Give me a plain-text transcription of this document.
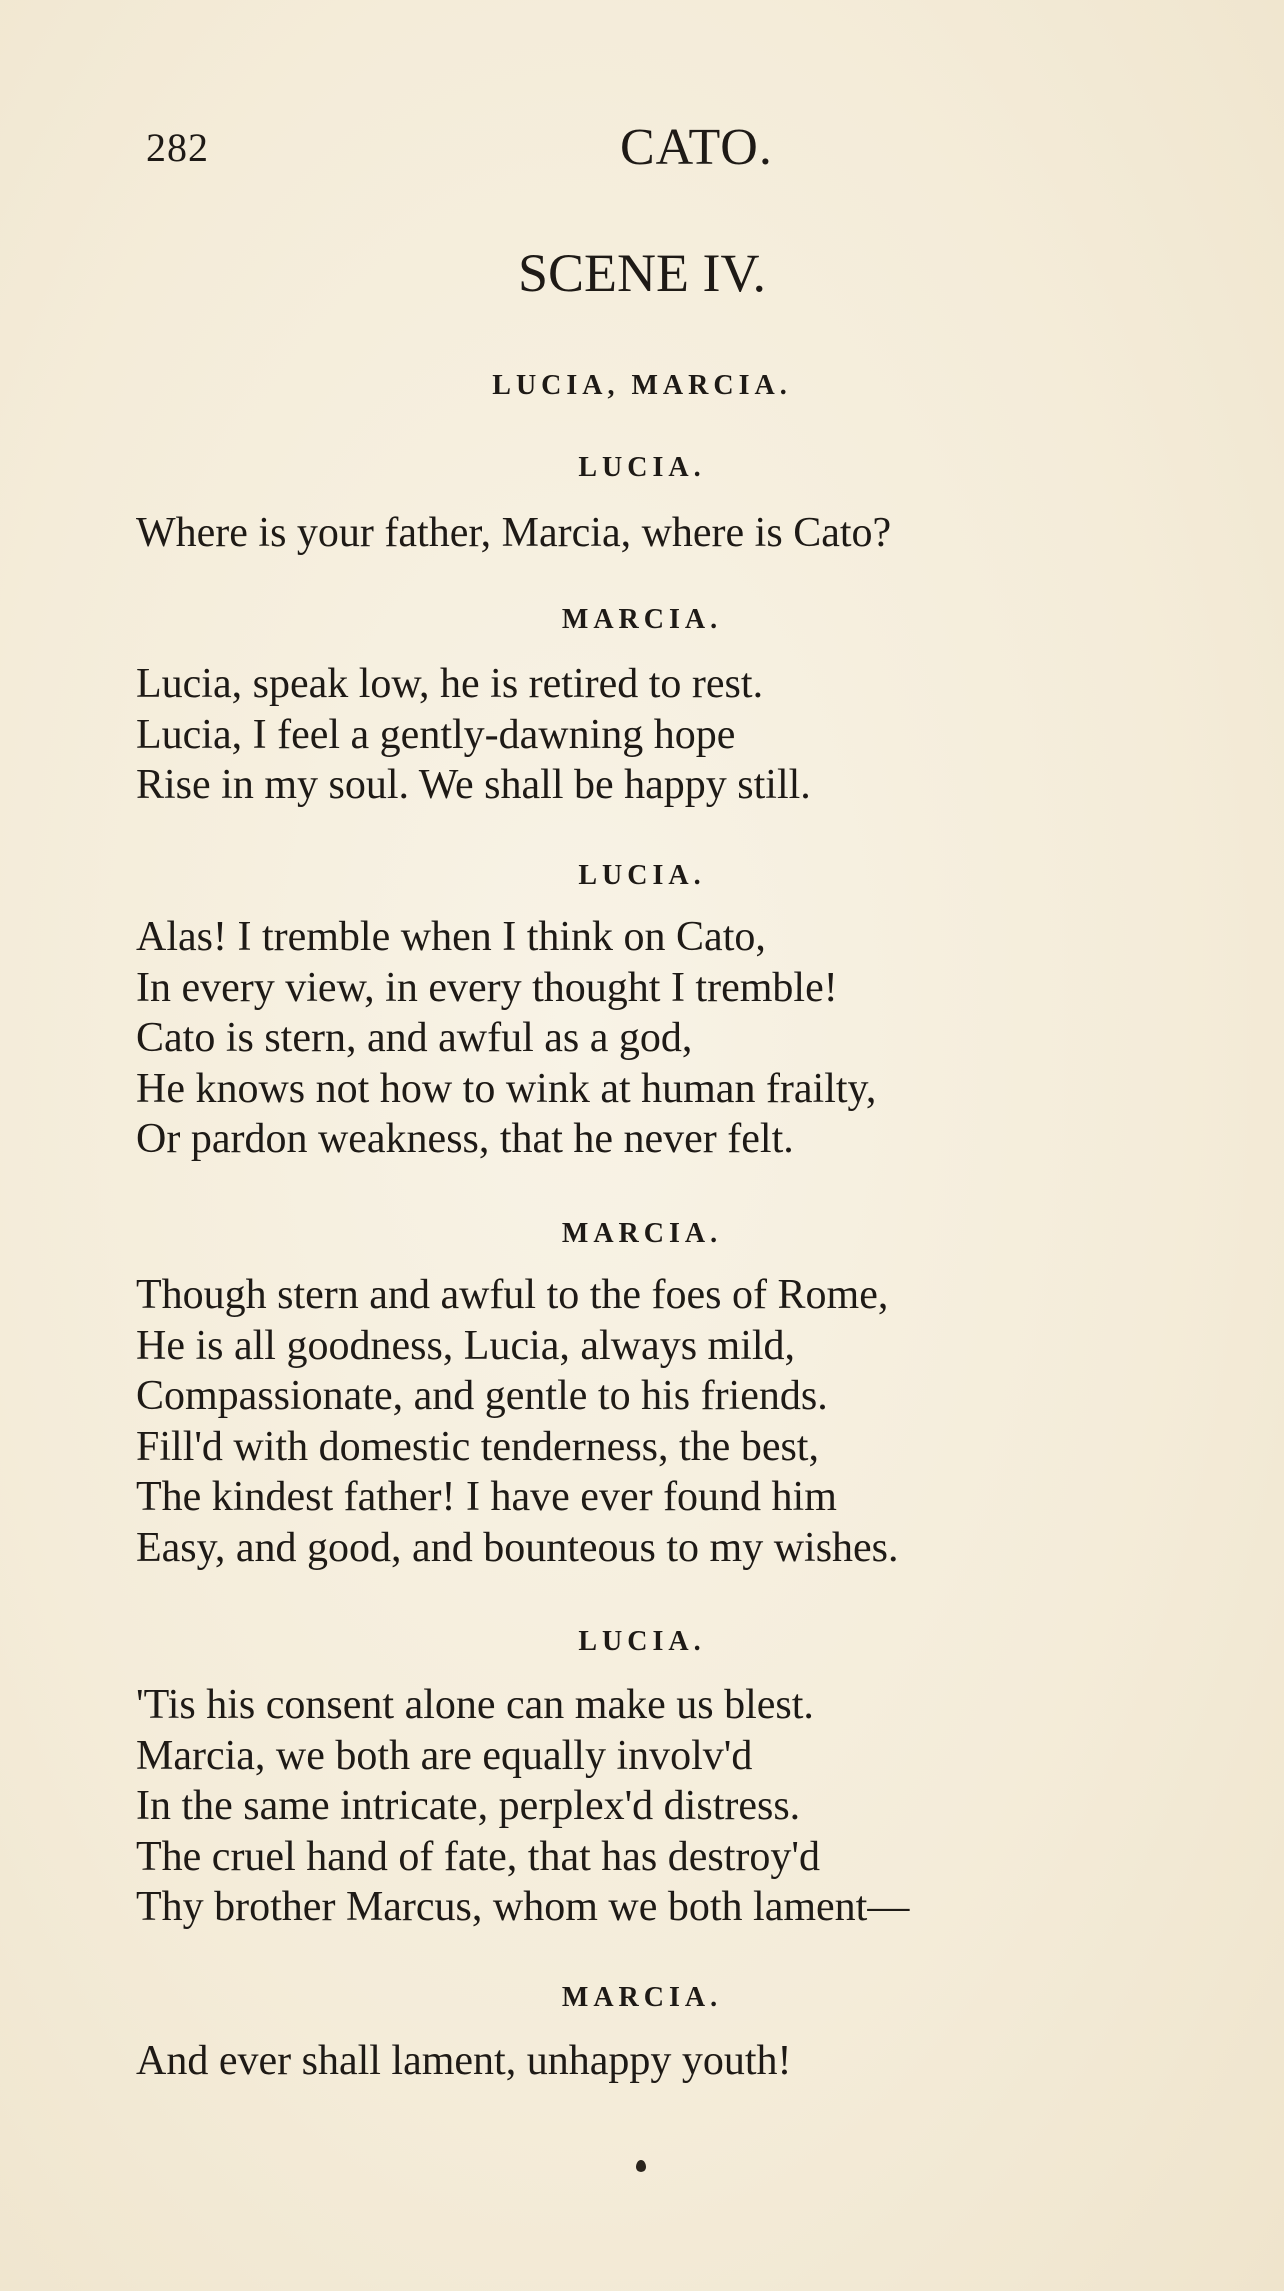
282	CATO.
SCENE IV.
LUCIA, MARCIA.
LUCIA.
Where is your father, Marcia, where is Cato?
MARCIA.
Lucia, speak low, he is retired to rest.
Lucia, I feel a gently-dawning hope
Rise in my soul. We shall be happy still.
LUCIA.
Alas! I tremble when I think on Cato,
In every view, in every thought I tremble!
Cato is stern, and awful as a god,
He knows not how to wink at human frailty,
Or pardon weakness, that he never felt.
MARCIA.
Though stern and awful to the foes of Rome,
He is all goodness, Lucia, always mild,
Compassionate, and gentle to his friends.
Fill'd with domestic tenderness, the best,
The kindest father! I have ever found him
Easy, and good, and bounteous to my wishes.
LUCIA.
'Tis his consent alone can make us blest.
Marcia, we both are equally involv'd
In the same intricate, perplex'd distress.
The cruel hand of fate, that has destroy'd
Thy brother Marcus, whom we both lament—
MARCIA.
And ever shall lament, unhappy youth!
